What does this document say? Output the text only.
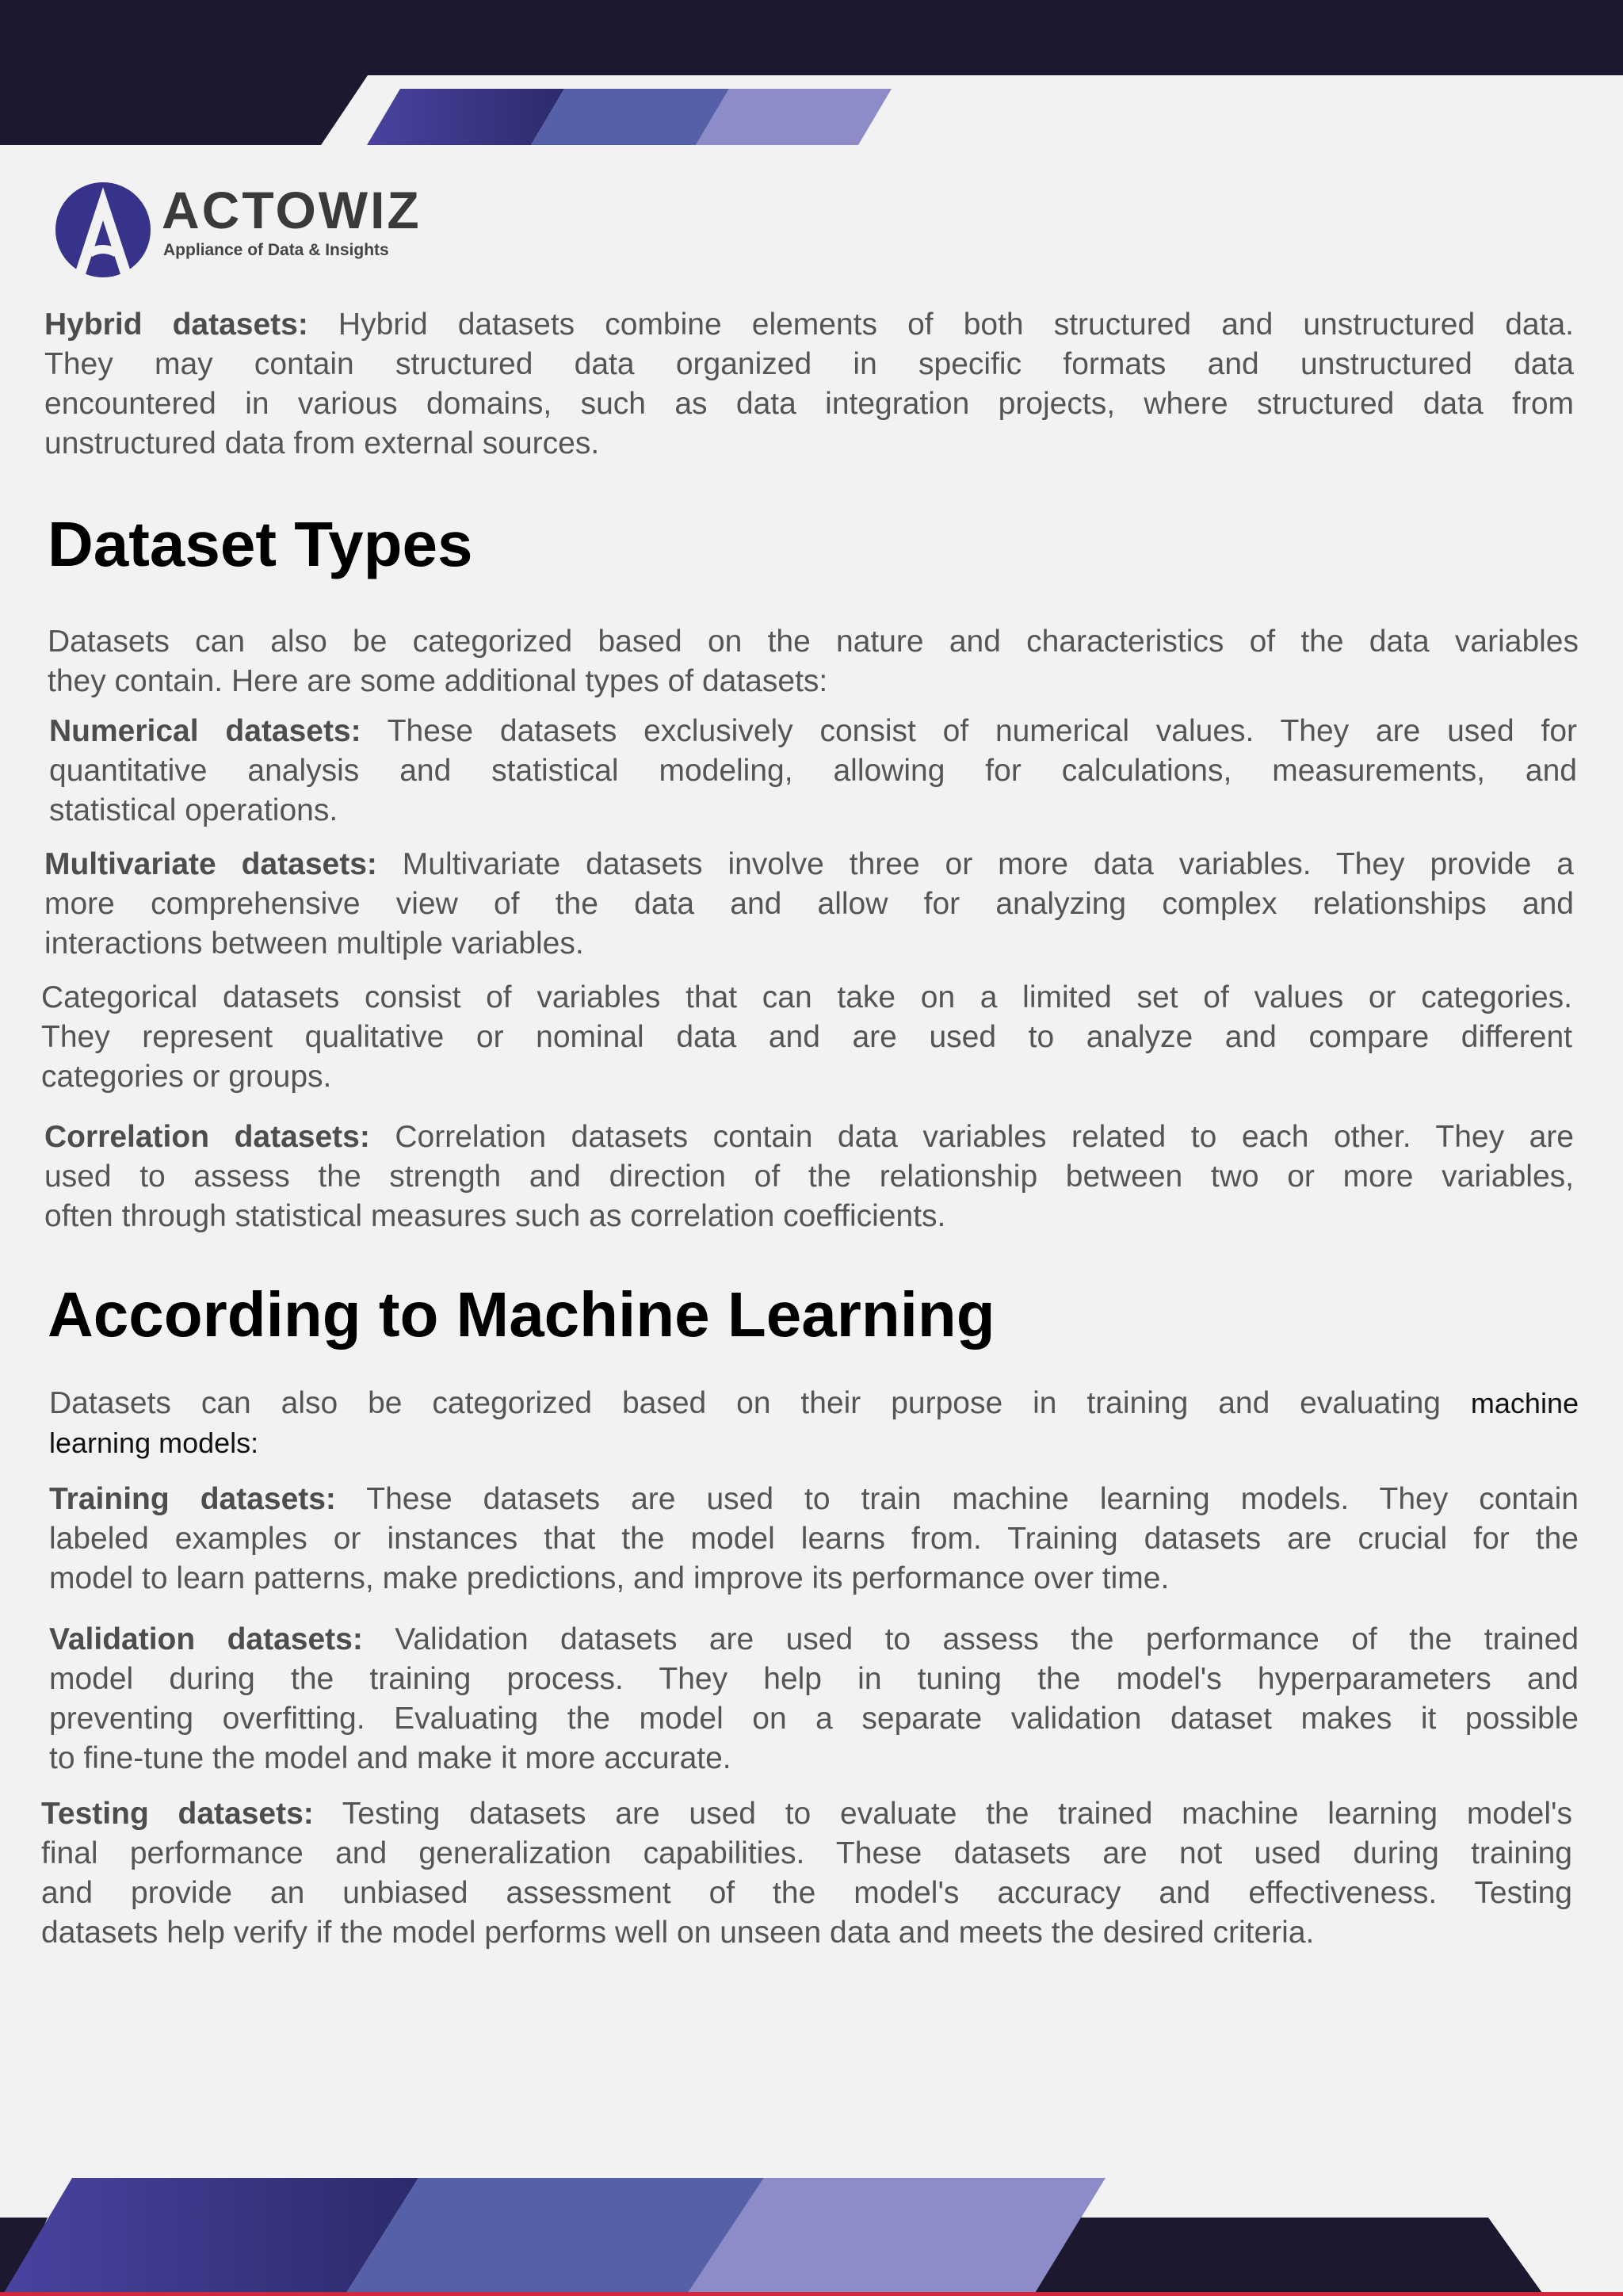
ACTOWIZ
Appliance of Data & Insights
Hybrid datasets: Hybrid datasets combine elements of both structured and unstructured data.
They may contain structured data organized in specific formats and unstructured data
encountered in various domains, such as data integration projects, where structured data from
unstructured data from external sources.
Dataset Types
Datasets can also be categorized based on the nature and characteristics of the data variables
they contain. Here are some additional types of datasets:
Numerical datasets: These datasets exclusively consist of numerical values. They are used for
quantitative analysis and statistical modeling, allowing for calculations, measurements, and
statistical operations.
Multivariate datasets: Multivariate datasets involve three or more data variables. They provide a
more comprehensive view of the data and allow for analyzing complex relationships and
interactions between multiple variables.
Categorical datasets consist of variables that can take on a limited set of values or categories.
They represent qualitative or nominal data and are used to analyze and compare different
categories or groups.
Correlation datasets: Correlation datasets contain data variables related to each other. They are
used to assess the strength and direction of the relationship between two or more variables,
often through statistical measures such as correlation coefficients.
According to Machine Learning
Datasets can also be categorized based on their purpose in training and evaluating machine
learning models:
Training datasets: These datasets are used to train machine learning models. They contain
labeled examples or instances that the model learns from. Training datasets are crucial for the
model to learn patterns, make predictions, and improve its performance over time.
Validation datasets: Validation datasets are used to assess the performance of the trained
model during the training process. They help in tuning the model's hyperparameters and
preventing overfitting. Evaluating the model on a separate validation dataset makes it possible
to fine-tune the model and make it more accurate.
Testing datasets: Testing datasets are used to evaluate the trained machine learning model's
final performance and generalization capabilities. These datasets are not used during training
and provide an unbiased assessment of the model's accuracy and effectiveness. Testing
datasets help verify if the model performs well on unseen data and meets the desired criteria.
